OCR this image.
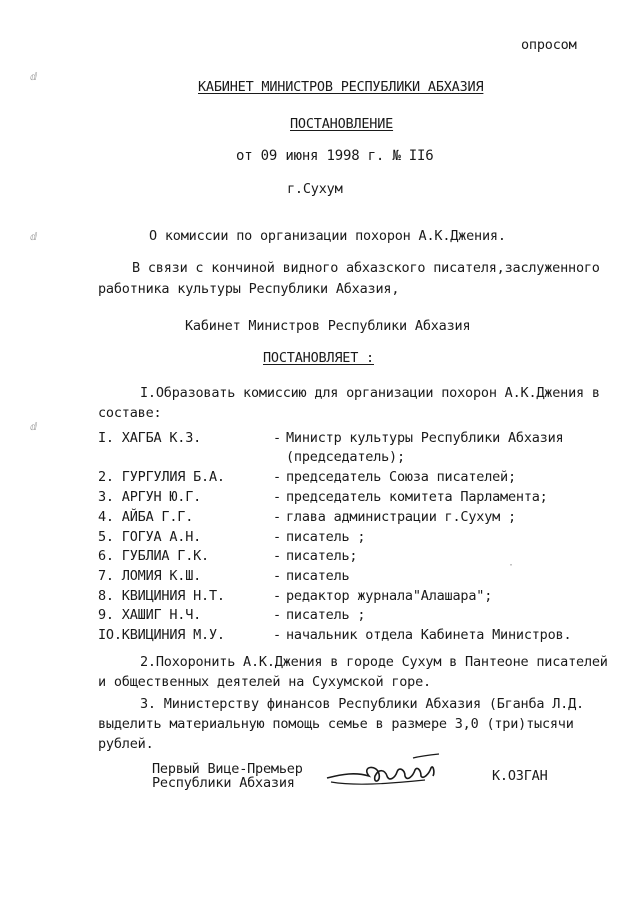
ⅆ
ⅆ
ⅆ
·
опросом
КАБИНЕТ МИНИСТРОВ РЕСПУБЛИКИ АБХАЗИЯ
ПОСТАНОВЛЕНИЕ
от 09 июня 1998 г. № II6
г.Сухум
О комиссии по организации похорон А.К.Джения.
В связи с кончиной видного абхазского писателя,заслуженного
работника культуры Республики Абхазия,
Кабинет Министров Республики Абхазия
ПОСТАНОВЛЯЕТ :
I.Образовать комиссию для организации похорон А.К.Джения в
составе:
I. ХАГБА К.З.	- Министр культуры Республики Абхазия
(председатель);
2. ГУРГУЛИЯ Б.А.	- председатель Союза писателей;
3. АРГУН Ю.Г.	- председатель комитета Парламента;
4. АЙБА Г.Г.	- глава администрации г.Сухум ;
5. ГОГУА А.Н.	- писатель ;
6. ГУБЛИА Г.К.	- писатель;
7. ЛОМИЯ К.Ш.	- писатель
8. КВИЦИНИЯ Н.Т.	- редактор журнала"Алашара";
9. ХАШИГ Н.Ч.	- писатель ;
IO.КВИЦИНИЯ М.У.	- начальник отдела Кабинета Министров.
2.Похоронить А.К.Джения в городе Сухум в Пантеоне писателей
и общественных деятелей на Сухумской горе.
3. Министерству финансов Республики Абхазия (Бганба Л.Д.
выделить материальную помощь семье в размере 3,0 (три)тысячи
рублей.
Первый Вице-Премьер
Республики Абхазия	К.ОЗГАН
